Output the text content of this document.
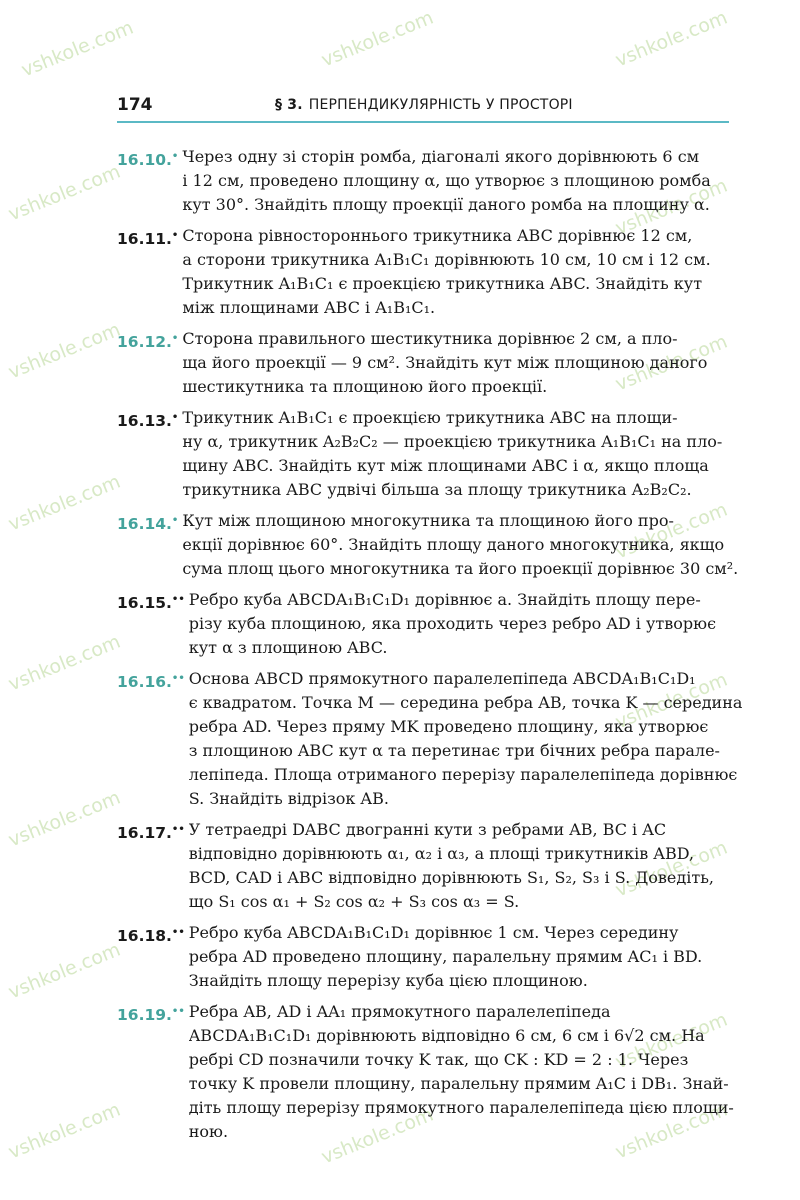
vshkole.com	vshkole.com	vshkole.com
vshkole.com	vshkole.com
vshkole.com	vshkole.com
vshkole.com	vshkole.com
vshkole.com
vshkole.com
vshkole.com
vshkole.com
vshkole.com
vshkole.com
vshkole.com	vshkole.com	vshkole.com
174	§ 3. ПЕРПЕНДИКУЛЯРНІСТЬ У ПРОСТОРІ
16.10.• Через одну зі сторін ромба, діагоналі якого дорівнюють 6 см
і 12 см, проведено площину α, що утворює з площиною ромба
кут 30°. Знайдіть площу проекції даного ромба на площину α.
16.11.• Сторона рівностороннього трикутника ABC дорівнює 12 см,
а сторони трикутника A₁B₁C₁ дорівнюють 10 см, 10 см і 12 см.
Трикутник A₁B₁C₁ є проекцією трикутника ABC. Знайдіть кут
між площинами ABC і A₁B₁C₁.
16.12.• Сторона правильного шестикутника дорівнює 2 см, а пло-
ща його проекції — 9 см². Знайдіть кут між площиною даного
шестикутника та площиною його проекції.
16.13.• Трикутник A₁B₁C₁ є проекцією трикутника ABC на площи-
ну α, трикутник A₂B₂C₂ — проекцією трикутника A₁B₁C₁ на пло-
щину ABC. Знайдіть кут між площинами ABC і α, якщо площа
трикутника ABC удвічі більша за площу трикутника A₂B₂C₂.
16.14.• Кут між площиною многокутника та площиною його про-
екції дорівнює 60°. Знайдіть площу даного многокутника, якщо
сума площ цього многокутника та його проекції дорівнює 30 см².
16.15.•• Ребро куба ABCDA₁B₁C₁D₁ дорівнює a. Знайдіть площу пере-
різу куба площиною, яка проходить через ребро AD і утворює
кут α з площиною ABC.
16.16.•• Основа ABCD прямокутного паралелепіпеда ABCDA₁B₁C₁D₁
є квадратом. Точка M — середина ребра AB, точка K — середина
ребра AD. Через пряму MK проведено площину, яка утворює
з площиною ABC кут α та перетинає три бічних ребра парале-
лепіпеда. Площа отриманого перерізу паралелепіпеда дорівнює
S. Знайдіть відрізок AB.
16.17.•• У тетраедрі DABC двогранні кути з ребрами AB, BC і AC
відповідно дорівнюють α₁, α₂ і α₃, а площі трикутників ABD,
BCD, CAD і ABC відповідно дорівнюють S₁, S₂, S₃ і S. Доведіть,
що S₁ cos α₁ + S₂ cos α₂ + S₃ cos α₃ = S.
16.18.•• Ребро куба ABCDA₁B₁C₁D₁ дорівнює 1 см. Через середину
ребра AD проведено площину, паралельну прямим AC₁ і BD.
Знайдіть площу перерізу куба цією площиною.
16.19.•• Ребра AB, AD і AA₁ прямокутного паралелепіпеда
ABCDA₁B₁C₁D₁ дорівнюють відповідно 6 см, 6 см і 6√2 см. На
ребрі CD позначили точку K так, що CK : KD = 2 : 1. Через
точку K провели площину, паралельну прямим A₁C і DB₁. Знай-
діть площу перерізу прямокутного паралелепіпеда цією площи-
ною.
